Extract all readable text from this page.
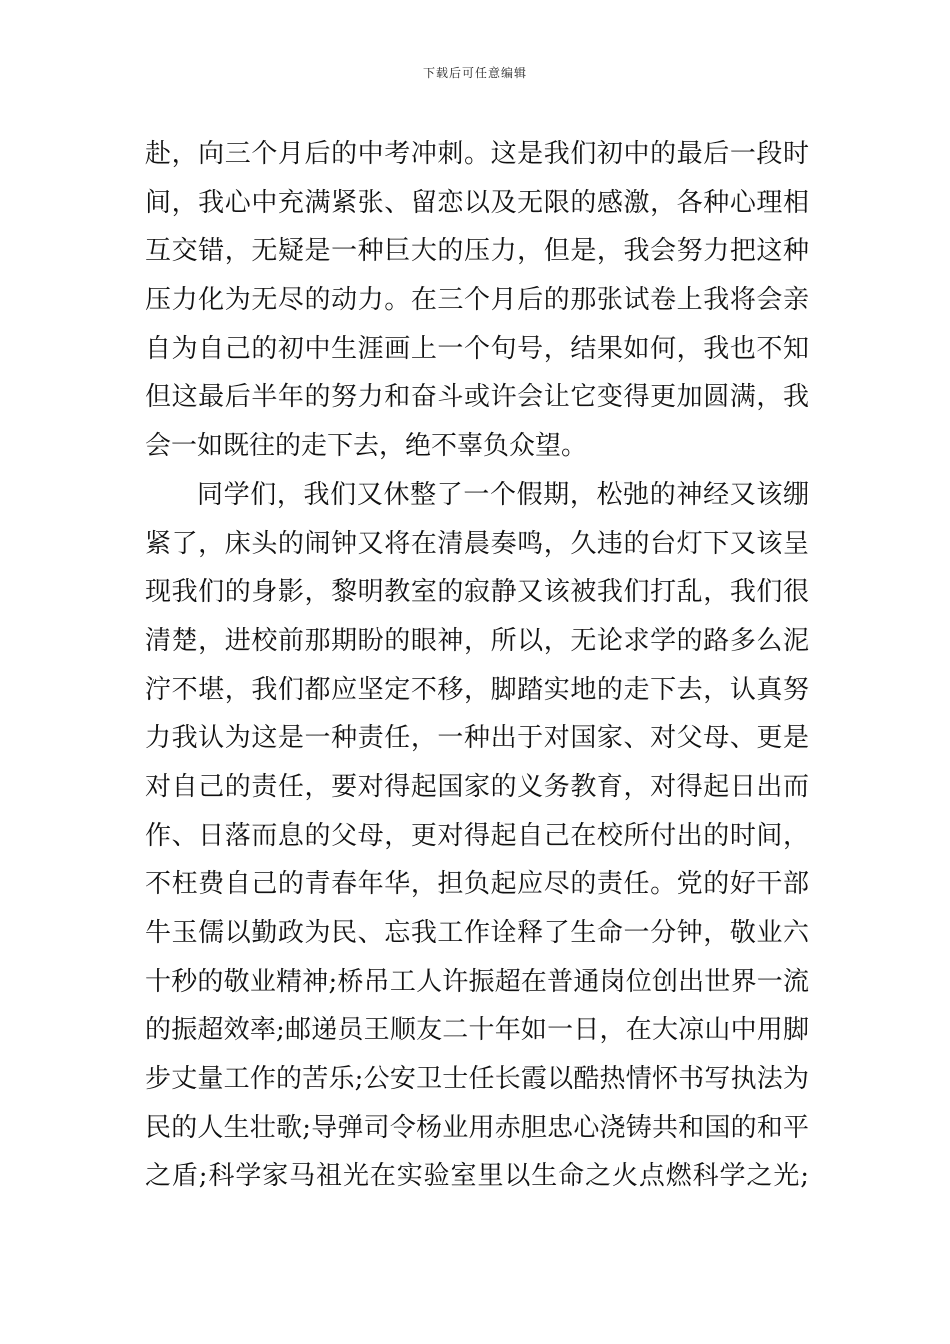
下载后可任意编辑
赴，向三个月后的中考冲刺。这是我们初中的最后一段时
间，我心中充满紧张、留恋以及无限的感激，各种心理相
互交错，无疑是一种巨大的压力，但是，我会努力把这种
压力化为无尽的动力。在三个月后的那张试卷上我将会亲
自为自己的初中生涯画上一个句号，结果如何，我也不知
但这最后半年的努力和奋斗或许会让它变得更加圆满，我
会一如既往的走下去，绝不辜负众望。
同学们，我们又休整了一个假期，松弛的神经又该绷
紧了，床头的闹钟又将在清晨奏鸣，久违的台灯下又该呈
现我们的身影，黎明教室的寂静又该被我们打乱，我们很
清楚，进校前那期盼的眼神，所以，无论求学的路多么泥
泞不堪，我们都应坚定不移，脚踏实地的走下去，认真努
力我认为这是一种责任，一种出于对国家、对父母、更是
对自己的责任，要对得起国家的义务教育，对得起日出而
作、日落而息的父母，更对得起自己在校所付出的时间，
不枉费自己的青春年华，担负起应尽的责任。党的好干部
牛玉儒以勤政为民、忘我工作诠释了生命一分钟，敬业六
十秒的敬业精神;桥吊工人许振超在普通岗位创出世界一流
的振超效率;邮递员王顺友二十年如一日，在大凉山中用脚
步丈量工作的苦乐;公安卫士任长霞以酷热情怀书写执法为
民的人生壮歌;导弹司令杨业用赤胆忠心浇铸共和国的和平
之盾;科学家马祖光在实验室里以生命之火点燃科学之光;
